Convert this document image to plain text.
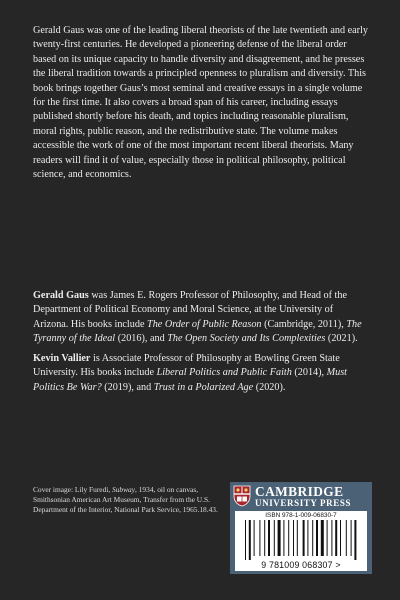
Gerald Gaus was one of the leading liberal theorists of the late twentieth and early twenty-first centuries. He developed a pioneering defense of the liberal order based on its unique capacity to handle diversity and disagreement, and he presses the liberal tradition towards a principled openness to pluralism and diversity. This book brings together Gaus’s most seminal and creative essays in a single volume for the first time. It also covers a broad span of his career, including essays published shortly before his death, and topics including reasonable pluralism, moral rights, public reason, and the redistributive state. The volume makes accessible the work of one of the most important recent liberal theorists. Many readers will find it of value, especially those in political philosophy, political science, and economics.

Gerald Gaus was James E. Rogers Professor of Philosophy, and Head of the Department of Political Economy and Moral Science, at the University of Arizona. His books include The Order of Public Reason (Cambridge, 2011), The Tyranny of the Ideal (2016), and The Open Society and Its Complexities (2021).

Kevin Vallier is Associate Professor of Philosophy at Bowling Green State University. His books include Liberal Politics and Public Faith (2014), Must Politics Be War? (2019), and Trust in a Polarized Age (2020).

Cover image: Lily Furedi, Subway, 1934, oil on canvas, Smithsonian American Art Museum, Transfer from the U.S. Department of the Interior, National Park Service, 1965.18.43.

CAMBRIDGE

UNIVERSITY PRESS

ISBN 978-1-009-06830-7
9 781009 068307 >
